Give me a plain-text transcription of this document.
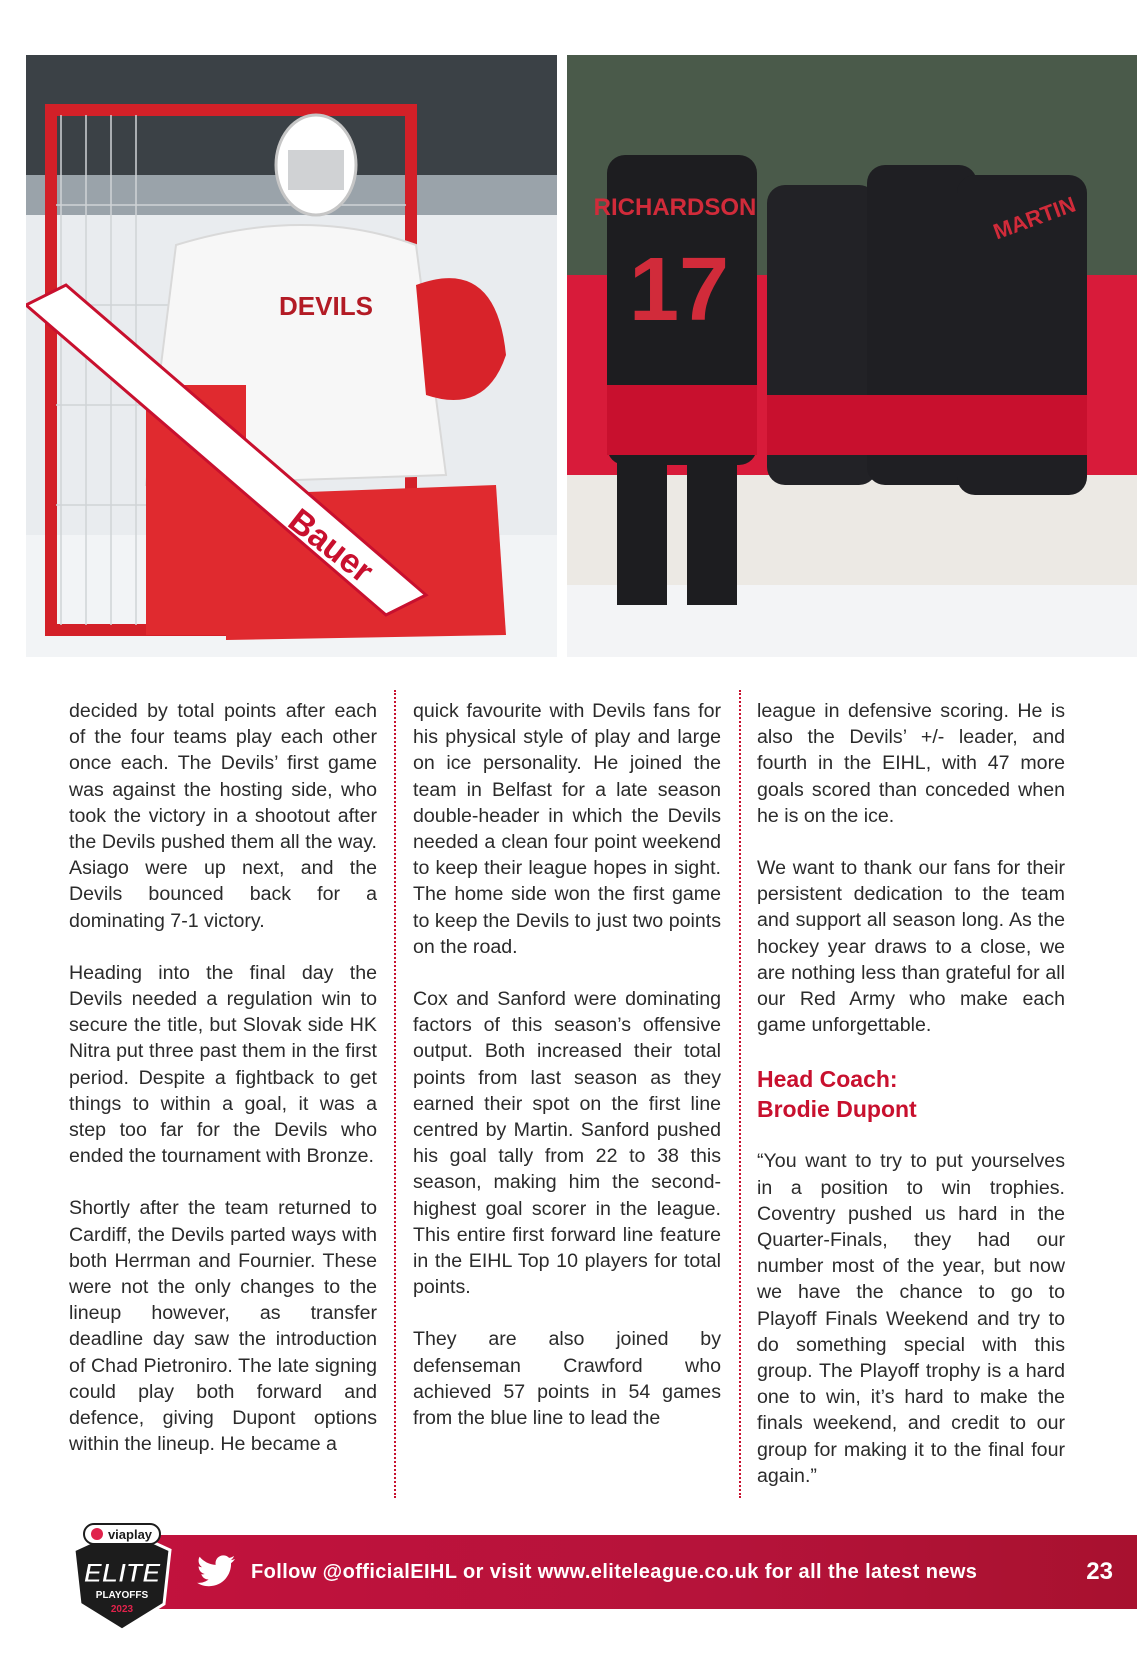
DEVILS
Bauer
RICHARDSON
17
MARTIN

decided by total points after each of the four teams play each other once each. The Devils’ first game was against the hosting side, who took the victory in a shootout after the Devils pushed them all the way. Asiago were up next, and the Devils bounced back for a dominating 7-1 victory.

Heading into the final day the Devils needed a regulation win to secure the title, but Slovak side HK Nitra put three past them in the first period. Despite a fightback to get things to within a goal, it was a step too far for the Devils who ended the tournament with Bronze.

Shortly after the team returned to Cardiff, the Devils parted ways with both Herrman and Fournier. These were not the only changes to the lineup however, as transfer deadline day saw the introduction of Chad Pietroniro. The late signing could play both forward and defence, giving Dupont options within the lineup. He became a

quick favourite with Devils fans for his physical style of play and large on ice personality. He joined the team in Belfast for a late season double-header in which the Devils needed a clean four point weekend to keep their league hopes in sight. The home side won the first game to keep the Devils to just two points on the road.

Cox and Sanford were dominating factors of this season’s offensive output. Both increased their total points from last season as they earned their spot on the first line centred by Martin. Sanford pushed his goal tally from 22 to 38 this season, making him the second-highest goal scorer in the league. This entire first forward line feature in the EIHL Top 10 players for total points.

They are also joined by defenseman Crawford who achieved 57 points in 54 games from the blue line to lead the

league in defensive scoring. He is also the Devils’ +/- leader, and fourth in the EIHL, with 47 more goals scored than conceded when he is on the ice.

We want to thank our fans for their persistent dedication to the team and support all season long. As the hockey year draws to a close, we are nothing less than grateful for all our Red Army who make each game unforgettable.

Head Coach:
Brodie Dupont

“You want to try to put yourselves in a position to win trophies. Coventry pushed us hard in the Quarter-Finals, they had our number most of the year, but now we have the chance to go to Playoff Finals Weekend and try to do something special with this group. The Playoff trophy is a hard one to win, it’s hard to make the finals weekend, and credit to our group for making it to the final four again.”

Follow @officialEIHL or visit www.eliteleague.co.uk for all the latest news	23
viaplay
ELITE
PLAYOFFS
2023
